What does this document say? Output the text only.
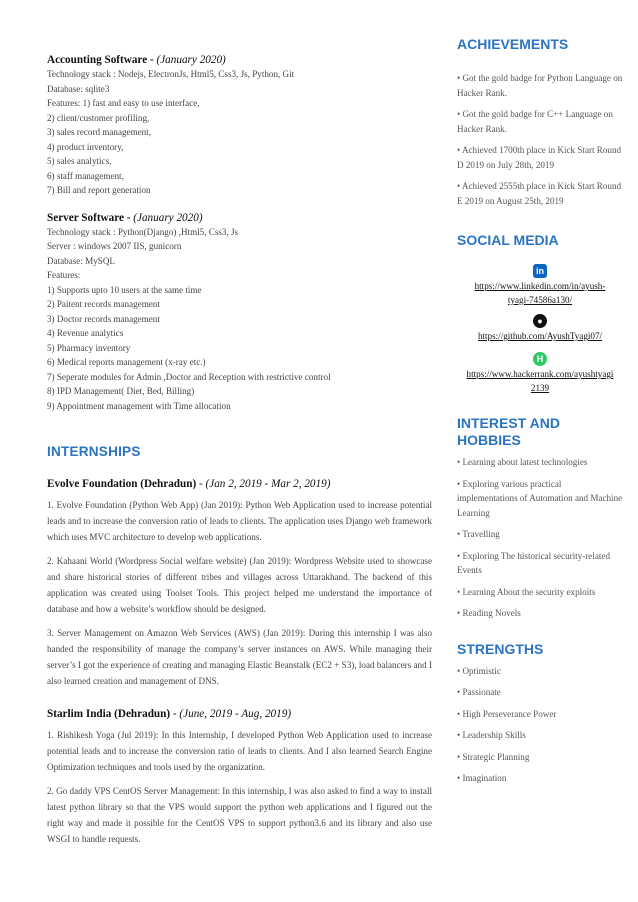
Accounting Software - (January 2020)
Technology stack : Nodejs, ElectronJs, Html5, Css3, Js, Python, Git
Database: sqlite3
Features: 1) fast and easy to use interface,
2) client/customer profiling,
3) sales record management,
4) product inventory,
5) sales analytics,
6) staff management,
7) Bill and report generation
Server Software - (January 2020)
Technology stack : Python(Django) ,Html5, Css3, Js
Server : windows 2007 IIS, gunicorn
Database: MySQL
Features:
1) Supports upto 10 users at the same time
2) Paitent records management
3) Doctor records management
4) Revenue analytics
5) Pharmacy inventory
6) Medical reports management (x-ray etc.)
7) Seperate modules for Admin ,Doctor and Reception with restrictive control
8) IPD Management( Diet, Bed, Billing)
9) Appointment management with Time allocation
INTERNSHIPS
Evolve Foundation (Dehradun) - (Jan 2, 2019 - Mar 2, 2019)

1. Evolve Foundation (Python Web App) (Jan 2019): Python Web Application used to increase potential leads and to increase the conversion ratio of leads to clients. The application uses Django web framework which uses MVC architecture to develop web applications.

2. Kahaani World (Wordpress Social welfare website) (Jan 2019): Wordpress Website used to showcase and share historical stories of different tribes and villages across Uttarakhand. The backend of this application was created using Toolset Tools. This project helped me understand the importance of database and how a website’s workflow should be designed.

3. Server Management on Amazon Web Services (AWS) (Jan 2019): During this internship I was also handed the responsibility of manage the company’s server instances on AWS. While managing their server’s I got the experience of creating and managing Elastic Beanstalk (EC2 + S3), load balancers and I also learned creation and management of DNS.

Starlim India (Dehradun) - (June, 2019 - Aug, 2019)

1. Rishikesh Yoga (Jul 2019): In this Internship, I developed Python Web Application used to increase potential leads and to increase the conversion ratio of leads to clients. And I also learned Search Engine Optimization techniques and tools used by the organization.

2. Go daddy VPS CentOS Server Management: In this internship, I was also asked to find a way to install latest python library so that the VPS would support the python web applications and I figured out the right way and made it possible for the CentOS VPS to support python3.6 and its library and also use WSGI to handle requests.

ACHIEVEMENTS

• Got the gold badge for Python Language on Hacker Rank.

• Got the gold badge for C++ Language on Hacker Rank.

• Achieved 1700th place in Kick Start Round D 2019 on July 28th, 2019

• Achieved 2555th place in Kick Start Round E 2019 on August 25th, 2019

SOCIAL MEDIA
in
https://www.linkedin.com/in/ayush-
tyagi-74586a130/
●
https://github.com/AyushTyagi07/
H
https://www.hackerrank.com/ayushtyagi
2139
INTEREST AND HOBBIES

• Learning about latest technologies

• Exploring various practical implementations of Automation and Machine Learning

• Travelling

• Exploring The historical security-related Events

• Learning About the security exploits

• Reading Novels

STRENGTHS

• Optimistic

• Passionate

• High Perseverance Power

• Leadership Skills

• Strategic Planning

• Imagination
